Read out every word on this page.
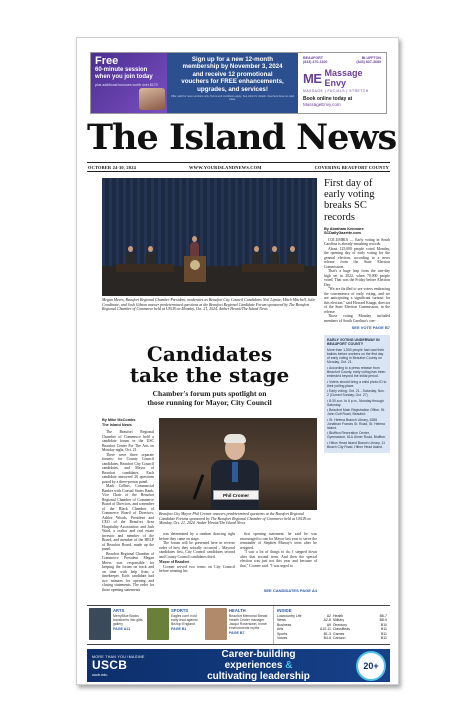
Free
60-minute session
when you join today
plus additional bonuses worth over $170
Sign up for a new 12-month
membership by November 3, 2024
and receive 12 promotional
vouchers for FREE enhancements,
upgrades, and services!
Offer valid for new members only. Terms and conditions apply. See clinic for details. Vouchers have no cash value.
BEAUFORT
(843) 470-1100
BLUFFTON
(843) 837-3689
ME Massage Envy
MASSAGE | FACIALS | STRETCH
Book online today at
MassageEnvy.com
The Island News
OCTOBER 24-30, 2024	WWW.YOURISLANDNEWS.COM	COVERING BEAUFORT COUNTY
Megan Meers, Beaufort Regional Chamber President, moderates as Beaufort City Council Candidates Neil Lipsitz, Mitch Mitchell, Julie Cowdinate, and Josh Gibson answer predetermined questions at the Beaufort Regional Candidate Forum sponsored by The Beaufort Regional Chamber of Commerce held at USCB on Monday, Oct. 21, 2024. Amber Hewitt/The Island News
First day of early voting breaks SC records
By Abraham Kenmore
SCDailyGazette.com

COLUMBIA — Early voting in South Carolina is already smashing records.

About 125,000 people voted Monday, the opening day of early voting for the general election, according to a news release from the State Election Commission.

That's a huge leap from the one-day high set in 2022, when 70,000 people voted. That was the Friday before Election Day.

"We are thrilled to see voters embracing the convenience of early voting, and we are anticipating a significant turnout for this election," said Howard Knapp, director of the State Election Commission, in the release.

Those voting Monday included members of South Carolina's con-

SEE VOTE PAGE B7
EARLY VOTING UNDERWAY IN BEAUFORT COUNTY
More than 1,500 people had cast their ballots before workers on the first day of early voting in Beaufort County on Monday, Oct. 21.
• According to a press release from Beaufort County, early voting has been extended beyond the initial period.
• Voters should bring a valid photo ID to their polling place.
• Early voting: Oct. 21 - Saturday, Nov. 2 (Closed Sunday, Oct. 27).
• 8:30 a.m. to 6 p.m., Monday through Saturday.
• Beaufort Main Registration Office, St. John Golf Road, Beaufort.
• St. Helena Branch Library, 6355 Jonathan Francis Sr. Road, St. Helena Island.
• Bluffton Recreation Center, Gymnasium, 61A Ulmer Road, Bluffton.
• Hilton Head Island Branch Library, 11 Beach City Road, Hilton Head Island.
Candidates
take the stage
Chamber's forum puts spotlight on
those running for Mayor, City Council
By Mike McCombs
The Island News

The Beaufort Regional Chamber of Commerce held a candidate forum in the USC Beaufort Center For The Arts on Monday night, Oct. 21.

There were three separate forums: for County Council candidates, Beaufort City Council candidates, and Mayor of Beaufort candidates. Each candidate answered 20 questions posed by a three-person panel.

Mark Collins, Commercial Banker with Coastal States Bank, Vice Chair of the Beaufort Regional Chamber of Commerce Board of Directors, and a member of the Black Chamber of Commerce Board of Directors; Ashlee Woods, President and CEO of the Beaufort Area Hospitality Association; and Josh Ward, a realtor and real estate investor and member of the Board, and member of the HELP of Beaufort Board, made up the panel.

Beaufort Regional Chamber of Commerce President Megan Meers was responsible for keeping the forum on track and on time with help from a timekeeper. Each candidate had two minutes for opening and closing statements. The order for those opening statements

Phil Cromer
Beaufort City Mayor Phil Cromer answers predetermined questions at the Beaufort Regional Candidate Forums sponsored by The Beaufort Regional Chamber of Commerce held at USCB on Monday, Oct. 21, 2024. Amber Hewitt/The Island News

was determined by a random drawing right before they came on stage.

The forum will be presented here in reverse order of how they actually occurred – Mayoral candidates first, City Council candidates second and County Council candidates third.

Mayor of Beaufort

Cromer served two terms on City Council before winning his

first opening statement, he said he was encouraged to run for Mayor last year to serve the remainder of Stephen Murray's term after he resigned.

"I saw a lot of things to do, I stepped down after that second term. And then the special election was just not this year and because of that," Cromer said. "I was urged to

SEE CANDIDATES PAGE A4
ARTS
MerryBlue Books transforms into gifts gallery
PAGE A11
SPORTS
Eagles can't hold early lead against Bishop England
PAGE B1
HEALTH
Beaufort Memorial Breast Health Center manager Jacqui Rosenswei, home environments myths
PAGE B7
INSIDE
Lowcountry Life	A2 Health	B6-7
News	A2-8 Military	B8-9
Business	A9 Directory	B10
Arts	A10-11 Classifieds	B11
Sports	B1-3 Games	B11
Voices	B4-6 Cartoon	B12
MORE THAN YOU IMAGINE
USCB
uscb.edu
Career-building
experiences &
cultivating leadership
20+
